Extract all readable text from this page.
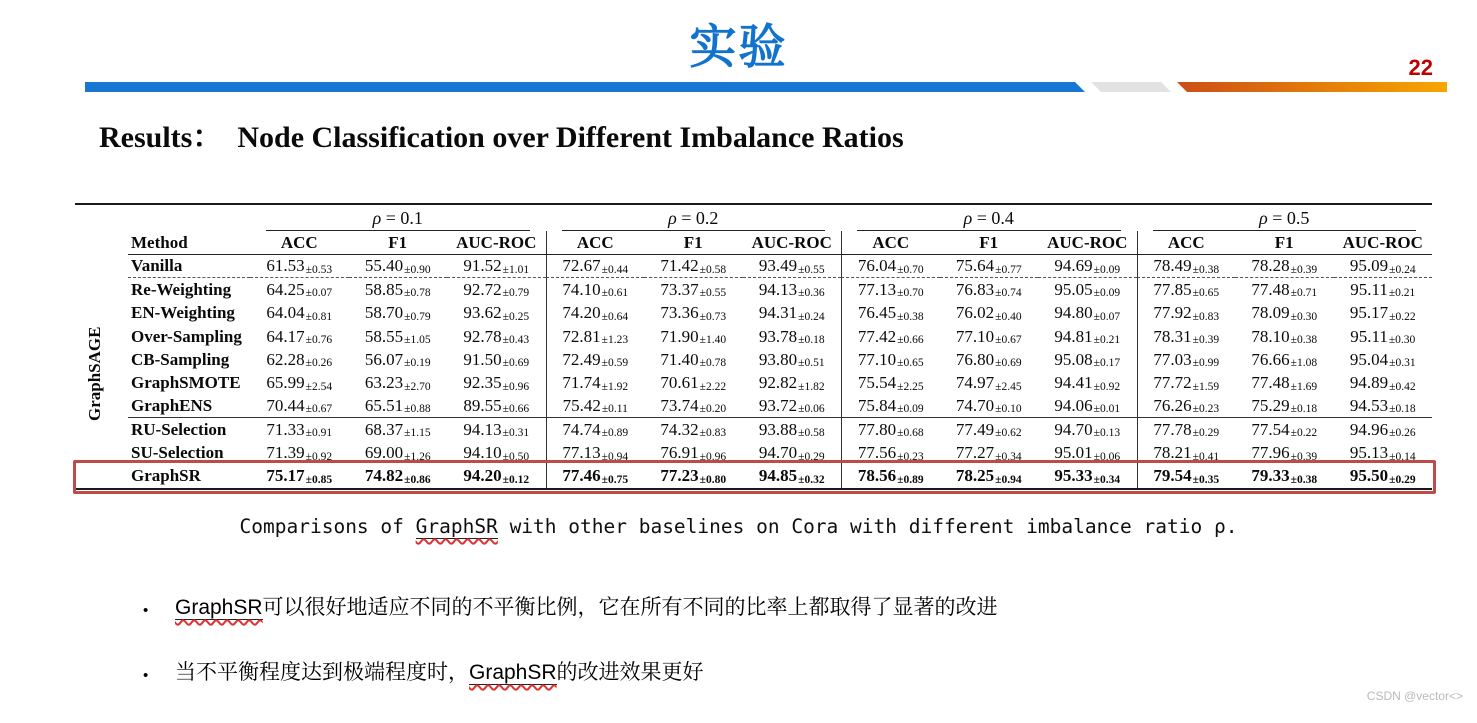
实验	22
Results：  Node Classification over Different Imbalance Ratios
ρ = 0.1	ρ = 0.2	ρ = 0.4	ρ = 0.5
Method	ACC	F1	AUC-ROC	ACC	F1	AUC-ROC	ACC	F1	AUC-ROC	ACC	F1	AUC-ROC
Vanilla	61.53 ±0.53 55.40 ±0.90 91.52 ±1.01 72.67 ±0.44 71.42 ±0.58 93.49 ±0.55 76.04 ±0.70 75.64 ±0.77 94.69 ±0.09 78.49 ±0.38 78.28 ±0.39 95.09 ±0.24
Re-Weighting	64.25 ±0.07 58.85 ±0.78 92.72 ±0.79 74.10 ±0.61 73.37 ±0.55 94.13 ±0.36 77.13 ±0.70 76.83 ±0.74 95.05 ±0.09 77.85 ±0.65 77.48 ±0.71 95.11 ±0.21
EN-Weighting	64.04 ±0.81 58.70 ±0.79 93.62 ±0.25 74.20 ±0.64 73.36 ±0.73 94.31 ±0.24 76.45 ±0.38 76.02 ±0.40 94.80 ±0.07 77.92 ±0.83 78.09 ±0.30 95.17 ±0.22
Over-Sampling	64.17 ±0.76 58.55 ±1.05 92.78 ±0.43 72.81 ±1.23 71.90 ±1.40 93.78 ±0.18 77.42 ±0.66 77.10 ±0.67 94.81 ±0.21 78.31 ±0.39 78.10 ±0.38 95.11 ±0.30
CB-Sampling	62.28 ±0.26 56.07 ±0.19 91.50 ±0.69 72.49 ±0.59 71.40 ±0.78 93.80 ±0.51 77.10 ±0.65 76.80 ±0.69 95.08 ±0.17 77.03 ±0.99 76.66 ±1.08 95.04 ±0.31
GraphSMOTE	65.99 ±2.54 63.23 ±2.70 92.35 ±0.96 71.74 ±1.92 70.61 ±2.22 92.82 ±1.82 75.54 ±2.25 74.97 ±2.45 94.41 ±0.92 77.72 ±1.59 77.48 ±1.69 94.89 ±0.42
GraphENS	70.44 ±0.67 65.51 ±0.88 89.55 ±0.66 75.42 ±0.11 73.74 ±0.20 93.72 ±0.06 75.84 ±0.09 74.70 ±0.10 94.06 ±0.01 76.26 ±0.23 75.29 ±0.18 94.53 ±0.18
RU-Selection	71.33 ±0.91 68.37 ±1.15 94.13 ±0.31 74.74 ±0.89 74.32 ±0.83 93.88 ±0.58 77.80 ±0.68 77.49 ±0.62 94.70 ±0.13 77.78 ±0.29 77.54 ±0.22 94.96 ±0.26
SU-Selection	71.39 ±0.92 69.00 ±1.26 94.10 ±0.50 77.13 ±0.94 76.91 ±0.96 94.70 ±0.29 77.56 ±0.23 77.27 ±0.34 95.01 ±0.06 78.21 ±0.41 77.96 ±0.39 95.13 ±0.14
GraphSR	75.17 ±0.85 74.82 ±0.86 94.20 ±0.12 77.46 ±0.75 77.23 ±0.80 94.85 ±0.32 78.56 ±0.89 78.25 ±0.94 95.33 ±0.34 79.54 ±0.35 79.33 ±0.38 95.50 ±0.29
GraphSAGE
Comparisons of GraphSR with other baselines on Cora with different imbalance ratio ρ.
•	GraphSR可以很好地适应不同的不平衡比例，它在所有不同的比率上都取得了显著的改进
•	当不平衡程度达到极端程度时，GraphSR的改进效果更好
CSDN @vector<>
